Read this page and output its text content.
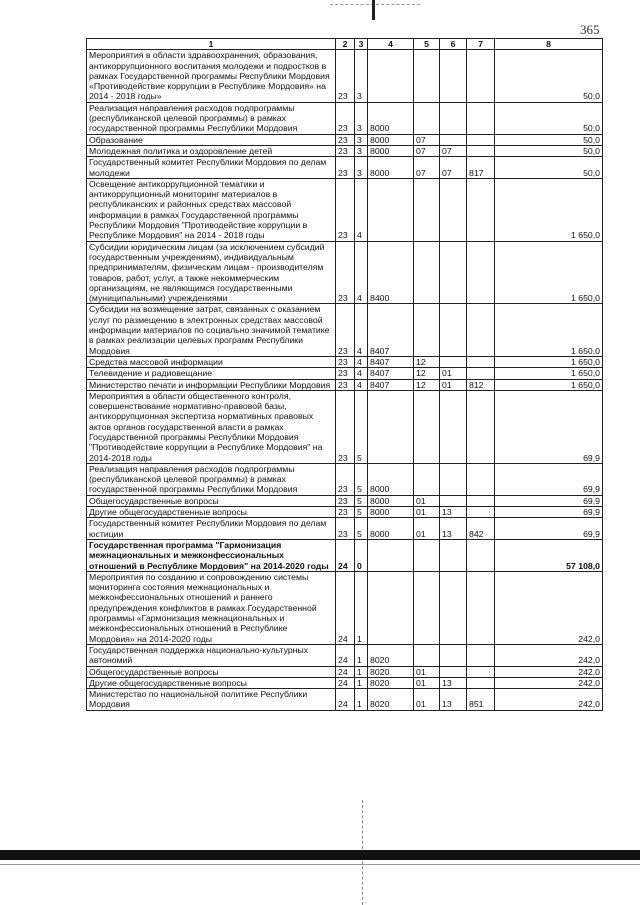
365
1	2	3	4	5	6	7	8
Мероприятия в области здравоохранения, образования, антикоррупционного воспитания молодежи и подростков в рамках Государственной программы Республики Мордовия «Противодействие коррупции в Республике Мордовия» на 2014 - 2018 годы»	23	3					50,0
Реализация направления расходов подпрограммы (республиканской целевой программы) в рамках государственной программы Республики Мордовия	23	3	8000				50,0
Образование	23	3	8000	07			50,0
Молодежная политика и оздоровление детей	23	3	8000	07	07		50,0
Государственный комитет Республики Мордовия по делам молодежи	23	3	8000	07	07	817	50,0
Освещение антикоррупционной тематики и антикоррупционный мониторинг материалов в республиканских и районных средствах массовой информации в рамках Государственной программы Республики Мордовия "Противодействие коррупции в Республике Мордовия" на 2014 - 2018 годы	23	4					1 650,0
Субсидии юридическим лицам (за исключением субсидий государственным учреждениям), индивидуальным предпринимателям, физическим лицам - производителям товаров, работ, услуг, а также некоммерческим организациям, не являющимся государственными (муниципальными) учреждениями	23	4	8400				1 650,0
Субсидии на возмещение затрат, связанных с оказанием услуг по размещению в электронных средствах массовой информации материалов по социально значимой тематике в рамках реализации целевых программ Республики Мордовия	23	4	8407				1 650,0
Средства массовой информации	23	4	8407	12			1 650,0
Телевидение и радиовещание	23	4	8407	12	01		1 650,0
Министерство печати и информации Республики Мордовия	23	4	8407	12	01	812	1 650,0
Мероприятия в области общественного контроля, совершенствование нормативно-правовой базы, антикоррупционная экспертиза нормативных правовых актов органов государственной власти в рамках Государственной программы Республики Мордовия "Противодействие коррупции в Республике Мордовия" на 2014-2018 годы	23	5					69,9
Реализация направления расходов подпрограммы (республиканской целевой программы) в рамках государственной программы Республики Мордовия	23	5	8000				69,9
Общегосударственные вопросы	23	5	8000	01			69,9
Другие общегосударственные вопросы	23	5	8000	01	13		69,9
Государственный комитет Республики Мордовия по делам юстиции	23	5	8000	01	13	842	69,9
Государственная программа "Гармонизация межнациональных и межконфессиональных отношений в Республике Мордовия" на 2014-2020 годы	24	0					57 108,0
Мероприятия по созданию и сопровождению системы мониторинга состояния межнациональных и межконфессиональных отношений и раннего предупреждения конфликтов в рамках Государственной программы «Гармонизация межнациональных и межконфессиональных отношений в Республике Мордовия» на 2014-2020 годы	24	1					242,0
Государственная поддержка национально-культурных автономий	24	1	8020				242,0
Общегосударственные вопросы	24	1	8020	01			242,0
Другие общегосударственные вопросы	24	1	8020	01	13		242,0
Министерство по национальной политике Республики Мордовия	24	1	8020	01	13	851	242,0
